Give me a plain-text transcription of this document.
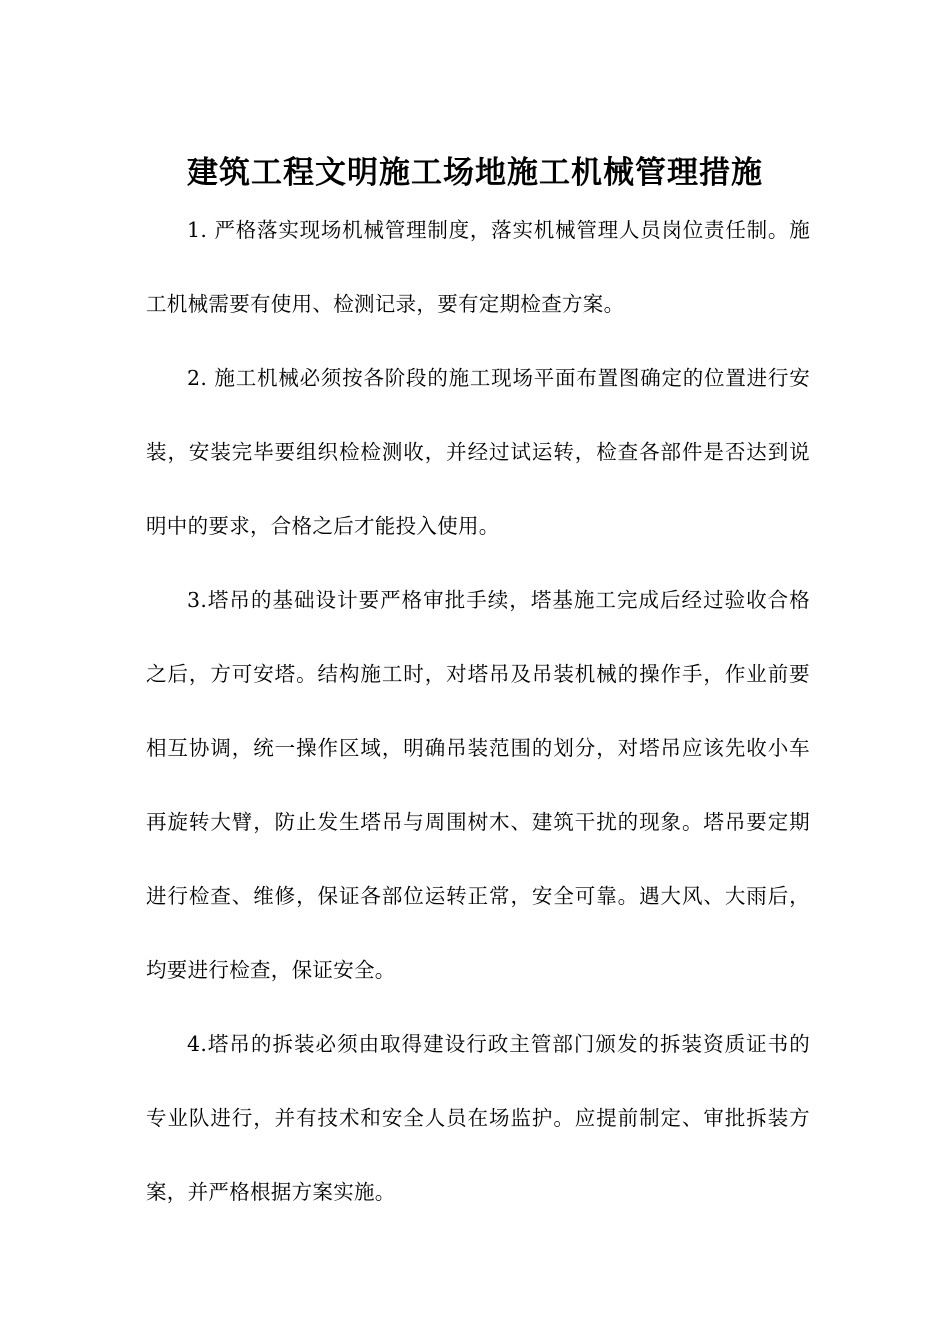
建筑工程文明施工场地施工机械管理措施

1. 严格落实现场机械管理制度，落实机械管理人员岗位责任制。施工机械需要有使用、检测记录，要有定期检查方案。

2. 施工机械必须按各阶段的施工现场平面布置图确定的位置进行安装，安装完毕要组织检检测收，并经过试运转，检查各部件是否达到说明中的要求，合格之后才能投入使用。

3.塔吊的基础设计要严格审批手续，塔基施工完成后经过验收合格之后，方可安塔。结构施工时，对塔吊及吊装机械的操作手，作业前要相互协调，统一操作区域，明确吊装范围的划分，对塔吊应该先收小车再旋转大臂，防止发生塔吊与周围树木、建筑干扰的现象。塔吊要定期进行检查、维修，保证各部位运转正常，安全可靠。遇大风、大雨后，均要进行检查，保证安全。

4.塔吊的拆装必须由取得建设行政主管部门颁发的拆装资质证书的专业队进行，并有技术和安全人员在场监护。应提前制定、审批拆装方案，并严格根据方案实施。
